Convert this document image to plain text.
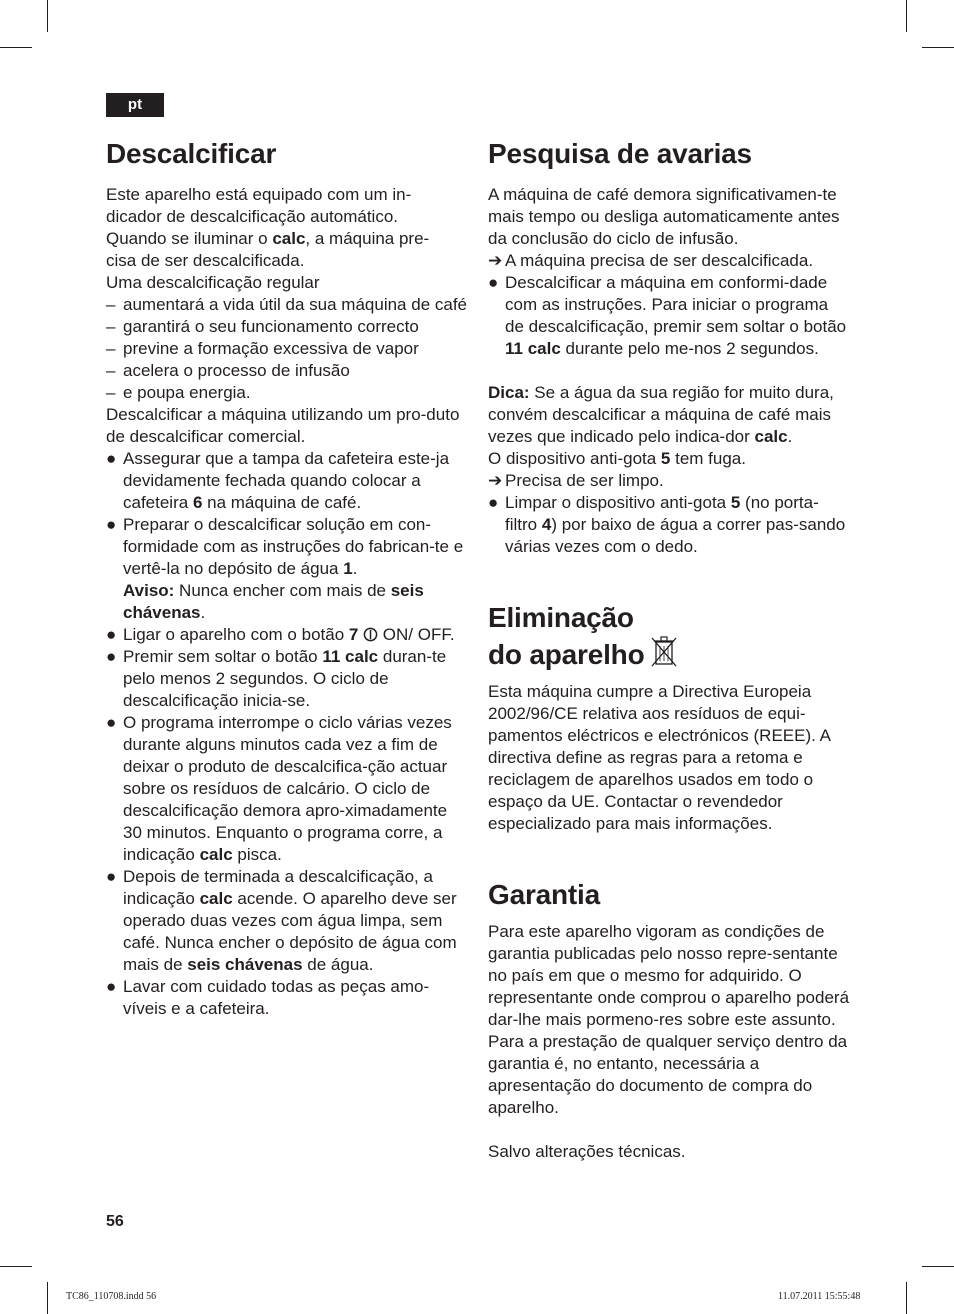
pt
Descalcificar

Este aparelho está equipado com um in-
dicador de descalcificação automático.
Quando se iluminar o calc, a máquina pre-
cisa de ser descalcificada.
Uma descalcificação regular

– aumentará a vida útil da sua máquina de café
– garantirá o seu funcionamento correcto
– previne a formação excessiva de vapor
– acelera o processo de infusão
– e poupa energia.

Descalcificar a máquina utilizando um pro-duto de descalcificar comercial.

● Assegurar que a tampa da cafeteira este-ja devidamente fechada quando colocar a cafeteira 6 na máquina de café.
● Preparar o descalcificar solução em con-formidade com as instruções do fabrican-te e vertê-la no depósito de água 1.
Aviso: Nunca encher com mais de seis chávenas.
● Ligar o aparelho com o botão 7  ON/ OFF.
● Premir sem soltar o botão 11 calc duran-te pelo menos 2 segundos. O ciclo de descalcificação inicia-se.
● O programa interrompe o ciclo várias vezes durante alguns minutos cada vez a fim de deixar o produto de descalcifica-ção actuar sobre os resíduos de calcário. O ciclo de descalcificação demora apro-ximadamente 30 minutos. Enquanto o programa corre, a indicação calc pisca.
● Depois de terminada a descalcificação, a indicação calc acende. O aparelho deve ser operado duas vezes com água limpa, sem café. Nunca encher o depósito de água com mais de seis chávenas de água.
● Lavar com cuidado todas as peças amo-víveis e a cafeteira.
Pesquisa de avarias

A máquina de café demora significativamen-te mais tempo ou desliga automaticamente antes da conclusão do ciclo de infusão.

➔ A máquina precisa de ser descalcificada.
● Descalcificar a máquina em conformi-dade com as instruções. Para iniciar o programa de descalcificação, premir sem soltar o botão 11 calc durante pelo me-nos 2 segundos.

Dica: Se a água da sua região for muito dura, convém descalcificar a máquina de café mais vezes que indicado pelo indica-dor calc.

O dispositivo anti-gota 5 tem fuga.

➔ Precisa de ser limpo.
● Limpar o dispositivo anti-gota 5 (no porta-filtro 4) por baixo de água a correr pas-sando várias vezes com o dedo.
Eliminação
do aparelho

Esta máquina cumpre a Directiva Europeia 2002/96/CE relativa aos resíduos de equi-pamentos eléctricos e electrónicos (REEE). A directiva define as regras para a retoma e reciclagem de aparelhos usados em todo o espaço da UE. Contactar o revendedor especializado para mais informações.

Garantia

Para este aparelho vigoram as condições de garantia publicadas pelo nosso repre-sentante no país em que o mesmo for adquirido. O representante onde comprou o aparelho poderá dar-lhe mais pormeno-res sobre este assunto. Para a prestação de qualquer serviço dentro da garantia é, no entanto, necessária a apresentação do documento de compra do aparelho.

Salvo alterações técnicas.

56
TC86_110708.indd 56	11.07.2011 15:55:48
